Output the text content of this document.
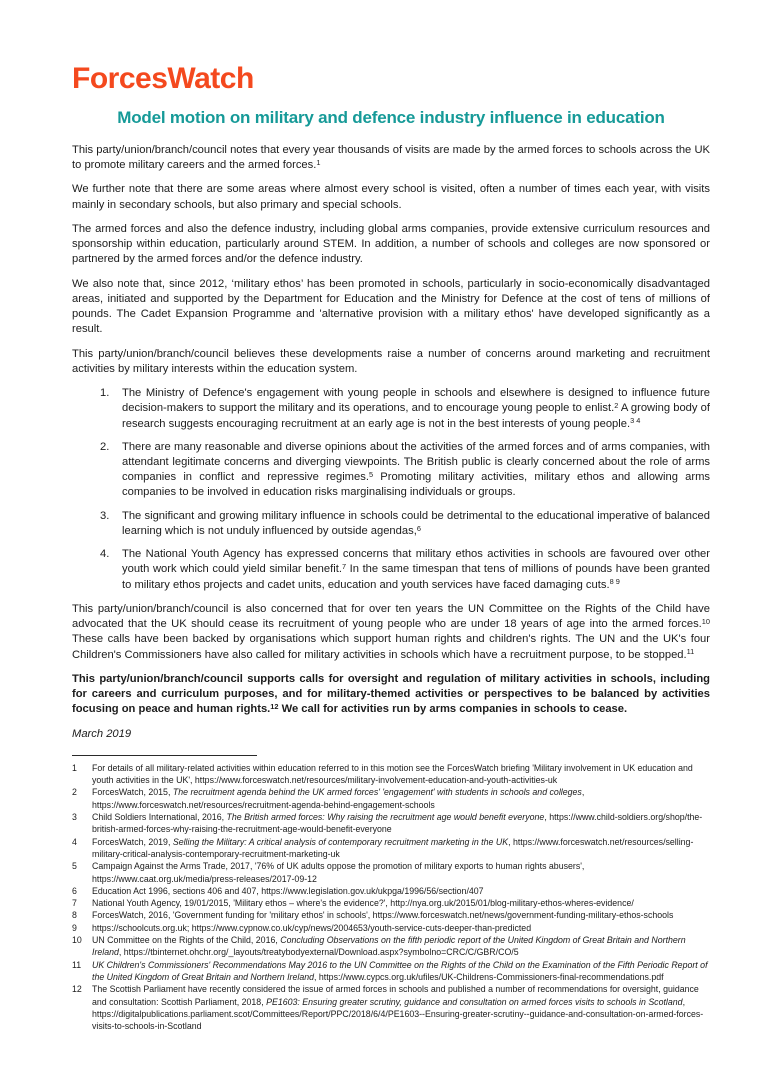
ForcesWatch
Model motion on military and defence industry influence in education

This party/union/branch/council notes that every year thousands of visits are made by the armed forces to schools across the UK to promote military careers and the armed forces.$^1$

We further note that there are some areas where almost every school is visited, often a number of times each year, with visits mainly in secondary schools, but also primary and special schools.

The armed forces and also the defence industry, including global arms companies, provide extensive curriculum resources and sponsorship within education, particularly around STEM. In addition, a number of schools and colleges are now sponsored or partnered by the armed forces and/or the defence industry.

We also note that, since 2012, ‘military ethos’ has been promoted in schools, particularly in socio-economically disadvantaged areas, initiated and supported by the Department for Education and the Ministry for Defence at the cost of tens of millions of pounds. The Cadet Expansion Programme and 'alternative provision with a military ethos' have developed significantly as a result.

This party/union/branch/council believes these developments raise a number of concerns around marketing and recruitment activities by military interests within the education system.

1.	The Ministry of Defence's engagement with young people in schools and elsewhere is designed to influence future decision-makers to support the military and its operations, and to encourage young people to enlist.$^2$ A growing body of research suggests encouraging recruitment at an early age is not in the best interests of young people.$^{3 4}$
2.	There are many reasonable and diverse opinions about the activities of the armed forces and of arms companies, with attendant legitimate concerns and diverging viewpoints. The British public is clearly concerned about the role of arms companies in conflict and repressive regimes.$^5$ Promoting military activities, military ethos and allowing arms companies to be involved in education risks marginalising individuals or groups.
3.	The significant and growing military influence in schools could be detrimental to the educational imperative of balanced learning which is not unduly influenced by outside agendas,$^6$
4.	The National Youth Agency has expressed concerns that military ethos activities in schools are favoured over other youth work which could yield similar benefit.$^7$ In the same timespan that tens of millions of pounds have been granted to military ethos projects and cadet units, education and youth services have faced damaging cuts.$^{8 9}$

This party/union/branch/council is also concerned that for over ten years the UN Committee on the Rights of the Child have advocated that the UK should cease its recruitment of young people who are under 18 years of age into the armed forces.$^{10}$ These calls have been backed by organisations which support human rights and children's rights. The UN and the UK's four Children's Commissioners have also called for military activities in schools which have a recruitment purpose, to be stopped.$^{11}$

This party/union/branch/council supports calls for oversight and regulation of military activities in schools, including for careers and curriculum purposes, and for military-themed activities or perspectives to be balanced by activities focusing on peace and human rights.$^{12}$ We call for activities run by arms companies in schools to cease.

March 2019

1	For details of all military-related activities within education referred to in this motion see the ForcesWatch briefing 'Military involvement in UK education and youth activities in the UK', https://www.forceswatch.net/resources/military-involvement-education-and-youth-activities-uk
2	ForcesWatch, 2015, The recruitment agenda behind the UK armed forces' 'engagement' with students in schools and colleges, https://www.forceswatch.net/resources/recruitment-agenda-behind-engagement-schools
3	Child Soldiers International, 2016, The British armed forces: Why raising the recruitment age would benefit everyone, https://www.child-soldiers.org/shop/the-british-armed-forces-why-raising-the-recruitment-age-would-benefit-everyone
4	ForcesWatch, 2019, Selling the Military: A critical analysis of contemporary recruitment marketing in the UK, https://www.forceswatch.net/resources/selling-military-critical-analysis-contemporary-recruitment-marketing-uk
5	Campaign Against the Arms Trade, 2017, '76% of UK adults oppose the promotion of military exports to human rights abusers', https://www.caat.org.uk/media/press-releases/2017-09-12
6	Education Act 1996, sections 406 and 407, https://www.legislation.gov.uk/ukpga/1996/56/section/407
7	National Youth Agency, 19/01/2015, 'Military ethos – where's the evidence?', http://nya.org.uk/2015/01/blog-military-ethos-wheres-evidence/
8	ForcesWatch, 2016, 'Government funding for 'military ethos' in schools', https://www.forceswatch.net/news/government-funding-military-ethos-schools
9	https://schoolcuts.org.uk; https://www.cypnow.co.uk/cyp/news/2004653/youth-service-cuts-deeper-than-predicted
10	UN Committee on the Rights of the Child, 2016, Concluding Observations on the fifth periodic report of the United Kingdom of Great Britain and Northern Ireland, https://tbinternet.ohchr.org/_layouts/treatybodyexternal/Download.aspx?symbolno=CRC/C/GBR/CO/5
11	UK Children's Commissioners' Recommendations May 2016 to the UN Committee on the Rights of the Child on the Examination of the Fifth Periodic Report of the United Kingdom of Great Britain and Northern Ireland, https://www.cypcs.org.uk/ufiles/UK-Childrens-Commissioners-final-recommendations.pdf
12	The Scottish Parliament have recently considered the issue of armed forces in schools and published a number of recommendations for oversight, guidance and consultation: Scottish Parliament, 2018, PE1603: Ensuring greater scrutiny, guidance and consultation on armed forces visits to schools in Scotland, https://digitalpublications.parliament.scot/Committees/Report/PPC/2018/6/4/PE1603--Ensuring-greater-scrutiny--guidance-and-consultation-on-armed-forces-visits-to-schools-in-Scotland
